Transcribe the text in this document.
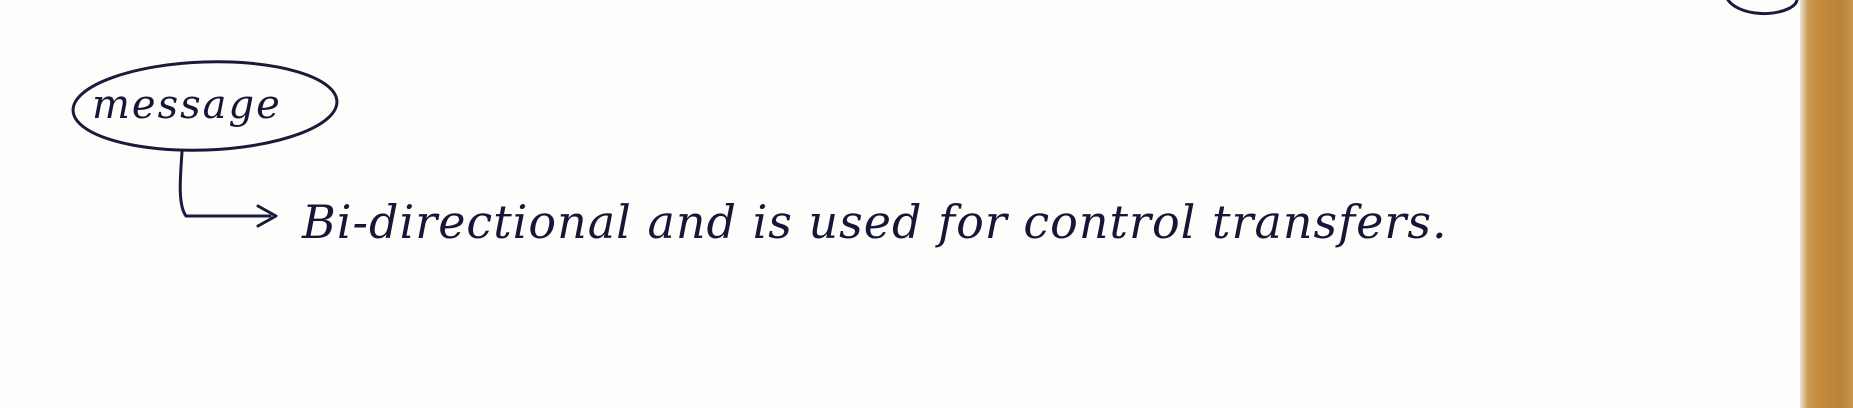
message
Bi-directional and is used for control transfers.
